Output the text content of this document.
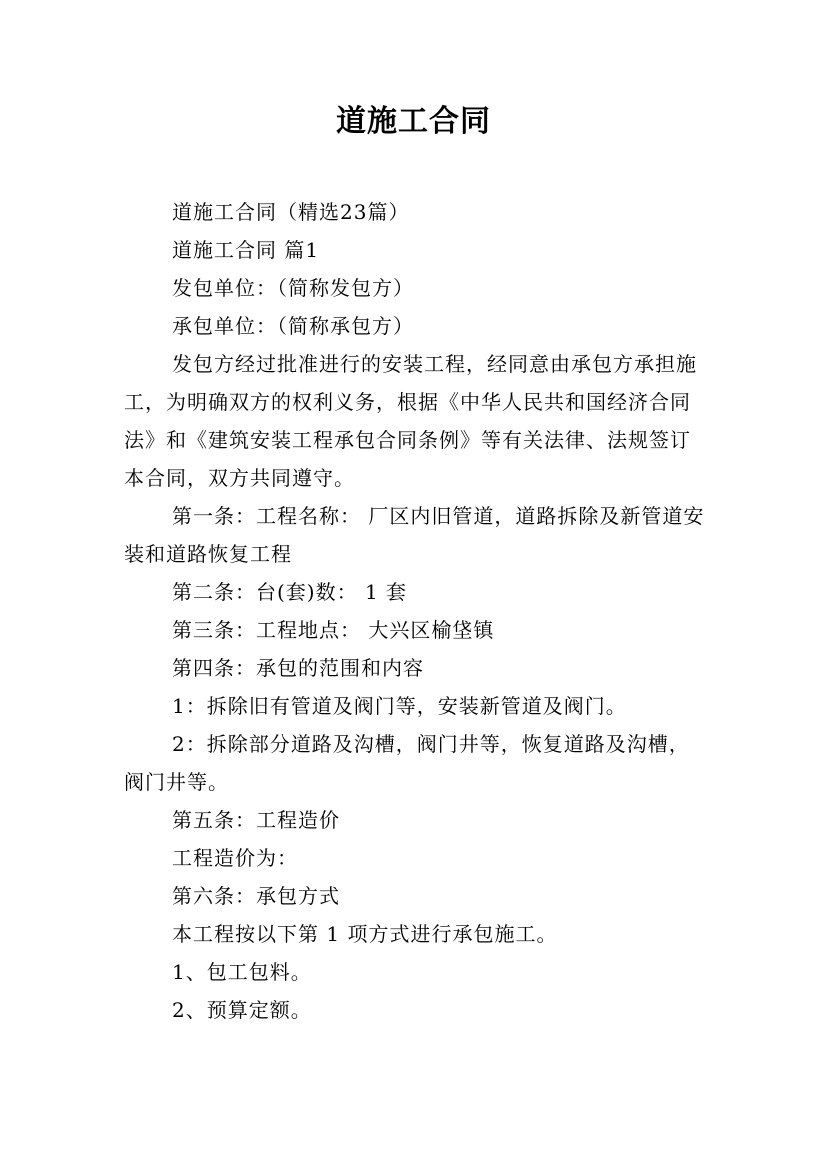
道施工合同

道施工合同（精选23篇）

道施工合同 篇1

发包单位：（简称发包方）

承包单位：（简称承包方）

发包方经过批准进行的安装工程，经同意由承包方承担施工，为明确双方的权利义务，根据《中华人民共和国经济合同法》和《建筑安装工程承包合同条例》等有关法律、法规签订本合同，双方共同遵守。

第一条：工程名称： 厂区内旧管道，道路拆除及新管道安装和道路恢复工程

第二条：台(套)数： 1 套

第三条：工程地点： 大兴区榆垡镇

第四条：承包的范围和内容

1：拆除旧有管道及阀门等，安装新管道及阀门。

2：拆除部分道路及沟槽，阀门井等，恢复道路及沟槽，阀门井等。

第五条：工程造价

工程造价为：

第六条：承包方式

本工程按以下第 1 项方式进行承包施工。

1、包工包料。

2、预算定额。
